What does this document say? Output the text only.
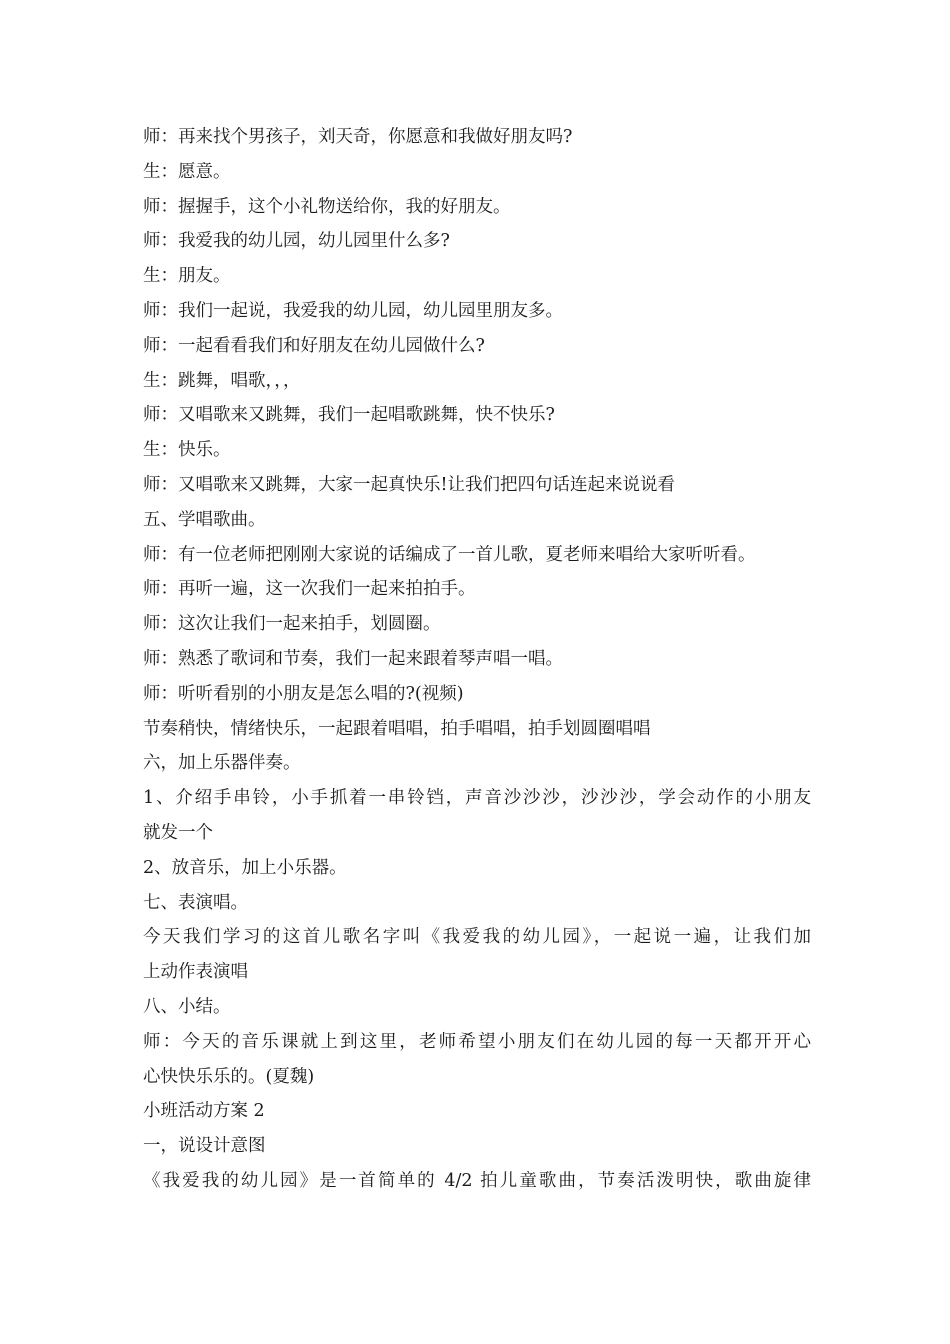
师：再来找个男孩子，刘天奇，你愿意和我做好朋友吗?
生：愿意。
师：握握手，这个小礼物送给你，我的好朋友。
师：我爱我的幼儿园，幼儿园里什么多?
生：朋友。
师：我们一起说，我爱我的幼儿园，幼儿园里朋友多。
师：一起看看我们和好朋友在幼儿园做什么?
生：跳舞，唱歌，，，
师：又唱歌来又跳舞，我们一起唱歌跳舞，快不快乐?
生：快乐。
师：又唱歌来又跳舞，大家一起真快乐!让我们把四句话连起来说说看
五、学唱歌曲。
师：有一位老师把刚刚大家说的话编成了一首儿歌，夏老师来唱给大家听听看。
师：再听一遍，这一次我们一起来拍拍手。
师：这次让我们一起来拍手，划圆圈。
师：熟悉了歌词和节奏，我们一起来跟着琴声唱一唱。
师：听听看别的小朋友是怎么唱的?(视频)
节奏稍快，情绪快乐，一起跟着唱唱，拍手唱唱，拍手划圆圈唱唱
六，加上乐器伴奏。
1、介绍手串铃，小手抓着一串铃铛，声音沙沙沙，沙沙沙，学会动作的小朋友
就发一个
2、放音乐，加上小乐器。
七、表演唱。
今天我们学习的这首儿歌名字叫《我爱我的幼儿园》，一起说一遍，让我们加
上动作表演唱
八、小结。
师：今天的音乐课就上到这里，老师希望小朋友们在幼儿园的每一天都开开心
心快快乐乐的。(夏魏)
小班活动方案 2
一，说设计意图
《我爱我的幼儿园》是一首简单的 4/2 拍儿童歌曲，节奏活泼明快，歌曲旋律
